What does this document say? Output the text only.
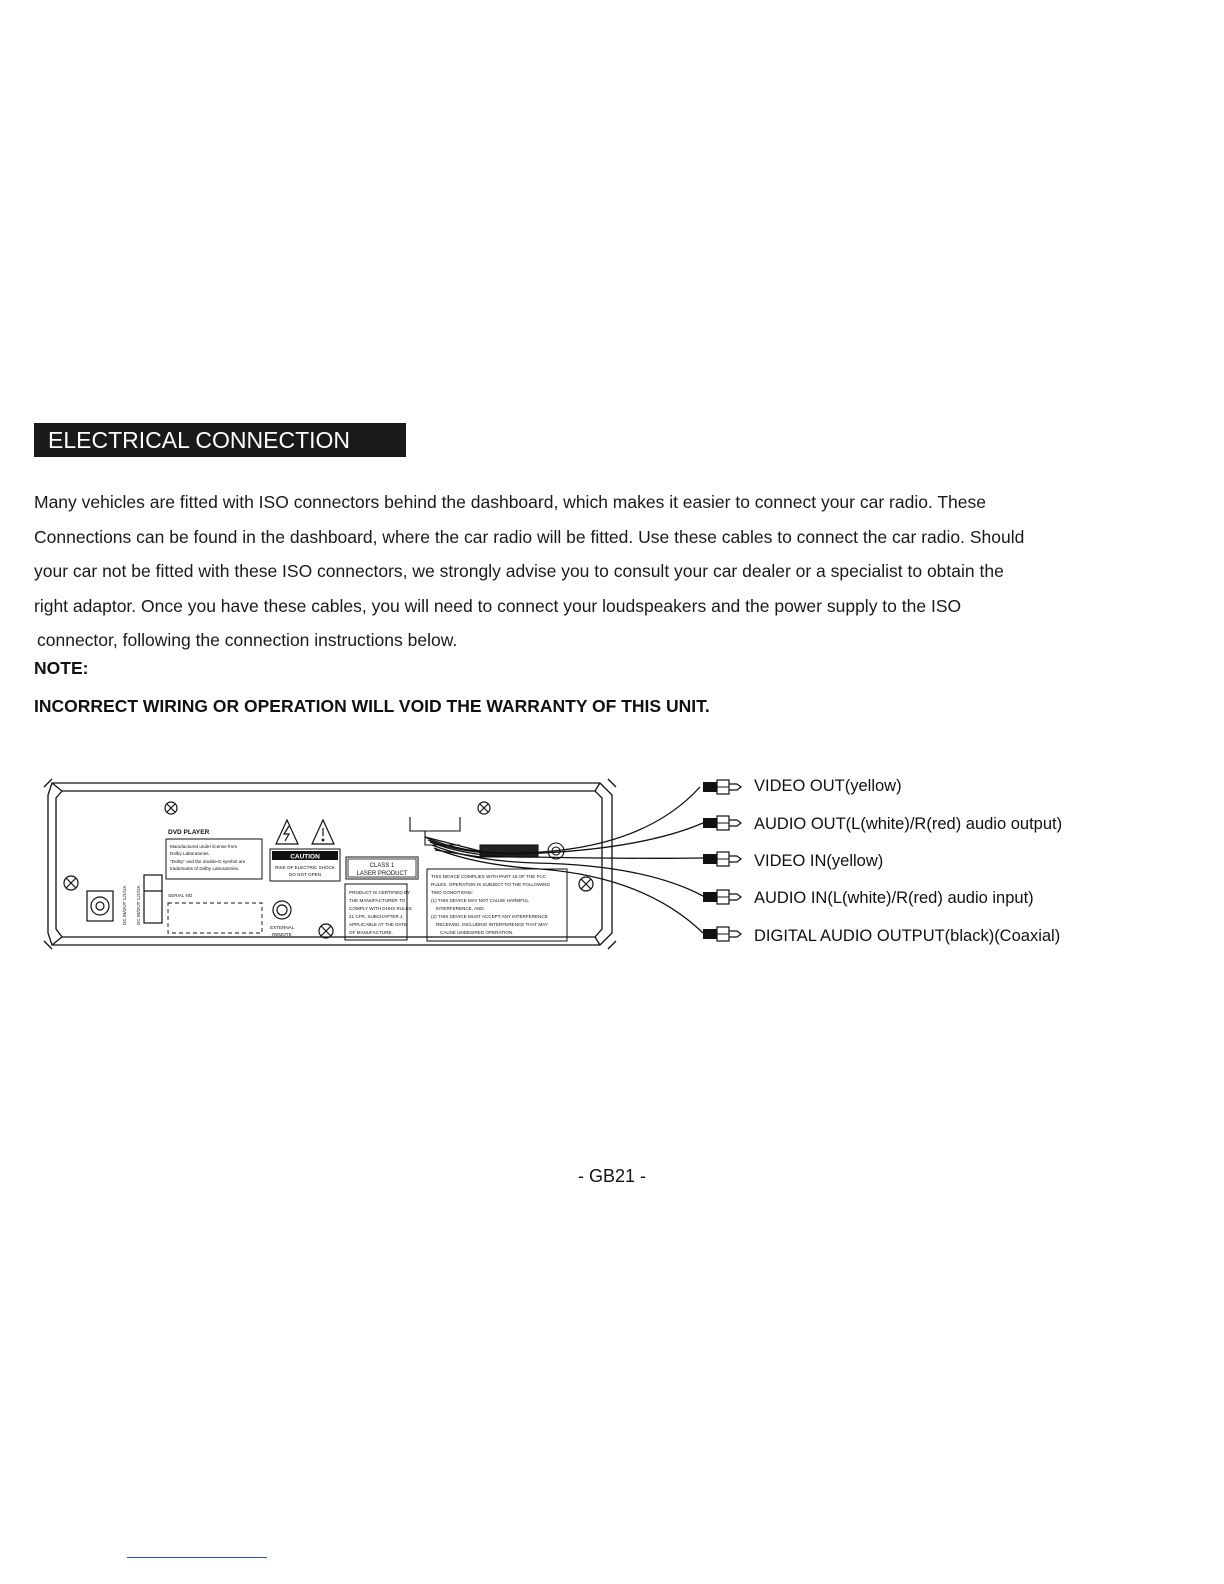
ELECTRICAL CONNECTION
Many vehicles are fitted with ISO connectors behind the dashboard, which makes it easier to connect your car radio. These
Connections can be found in the dashboard, where the car radio will be fitted. Use these cables to connect the car radio. Should
your car not be fitted with these ISO connectors, we strongly advise you to consult your car dealer or a specialist to obtain the
right adaptor. Once you have these cables, you will need to connect your loudspeakers and the power supply to the ISO
connector, following the connection instructions below.

NOTE:

INCORRECT WIRING OR OPERATION WILL VOID THE WARRANTY OF THIS UNIT.

DC IN/OUT 12V/2A DC IN/OUT 12V/2A
DVD PLAYER
Manufactured under license from
Dolby Laboratories.
"Dolby" and the double-D symbol are
trademarks of Dolby Laboratories.
CAUTION
RISK OF ELECTRIC SHOCK
DO NOT OPEN
CLASS 1
LASER PRODUCT
PRODUCT IS CERTIFIED BY
THE MANUFACTURER TO
COMPLY WITH DHHS RULES
21 CFR, SUBCHAPTER J,
APPLICABLE AT THE DATE
OF MANUFACTURE.
THIS DEVICE COMPLIES WITH PART 15 OF THE FCC
RULES. OPERATION IS SUBJECT TO THE FOLLOWING
TWO CONDITIONS:
(1) THIS DEVICE MAY NOT CAUSE HARMFUL
INTERFERENCE, AND
(2) THIS DEVICE MUST ACCEPT ANY INTERFERENCE
RECEIVED, INCLUDING INTERFERENCE THAT MAY
CAUSE UNDESIRED OPERATION.
SERIAL NO
EXTERNAL
REMOTE
VIDEO OUT(yellow)
AUDIO OUT(L(white)/R(red) audio output)
VIDEO IN(yellow)
AUDIO IN(L(white)/R(red) audio input)
DIGITAL AUDIO OUTPUT(black)(Coaxial)
- GB21 -
